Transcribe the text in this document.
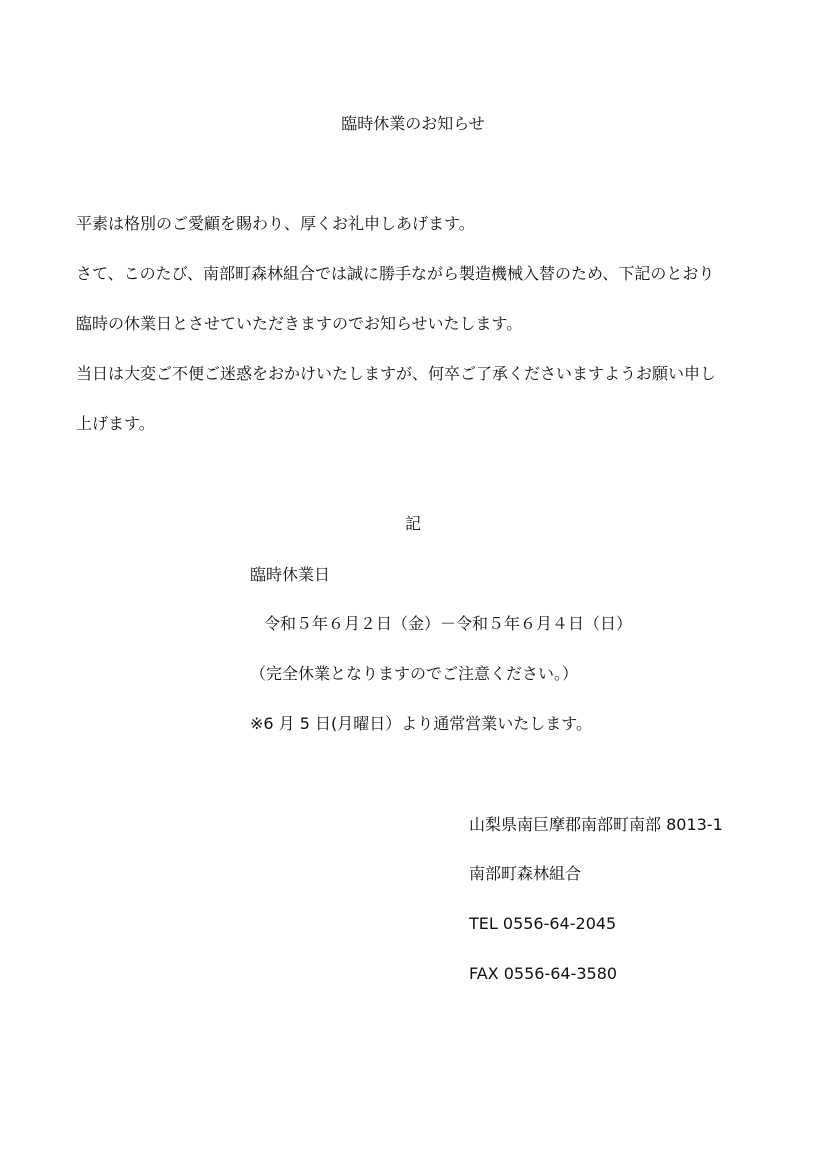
臨時休業のお知らせ

平素は格別のご愛顧を賜わり、厚くお礼申しあげます。

さて、このたび、南部町森林組合では誠に勝手ながら製造機械入替のため、下記のとおり

臨時の休業日とさせていただきますのでお知らせいたします。

当日は大変ご不便ご迷惑をおかけいたしますが、何卒ご了承くださいますようお願い申し

上げます。

記

臨時休業日

令和５年６月２日（金）－令和５年６月４日（日）

（完全休業となりますのでご注意ください。）

※6 月 5 日(月曜日）より通常営業いたします。

山梨県南巨摩郡南部町南部 8013-1

南部町森林組合

TEL 0556-64-2045

FAX 0556-64-3580
